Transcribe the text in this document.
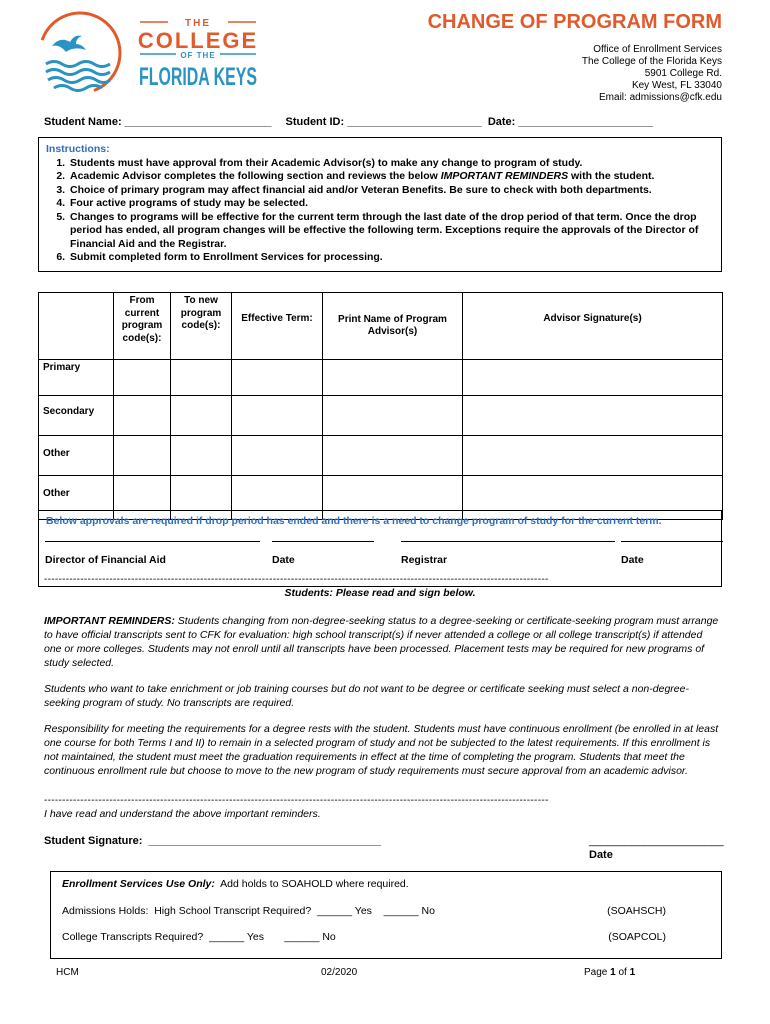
THE
COLLEGE
OF THE
FLORIDA KEYS
CHANGE OF PROGRAM FORM
Office of Enrollment Services
The College of the Florida Keys
5901 College Rd.
Key West, FL 33040
Email: admissions@cfk.edu
Student Name: ________________________ Student ID: ______________________ Date: ______________________
Instructions:
1. Students must have approval from their Academic Advisor(s) to make any change to program of study.
2. Academic Advisor completes the following section and reviews the below IMPORTANT REMINDERS with the student.
3. Choice of primary program may affect financial aid and/or Veteran Benefits. Be sure to check with both departments.
4. Four active programs of study may be selected.
5. Changes to programs will be effective for the current term through the last date of the drop period of that term. Once the drop period has ended, all program changes will be effective the following term. Exceptions require the approvals of the Director of Financial Aid and the Registrar.
6. Submit completed form to Enrollment Services for processing.
	From current program code(s):	To new program code(s):	Effective Term:	Print Name of Program Advisor(s)	Advisor Signature(s)
Primary					
Secondary					
Other					
Other					
Below approvals are required if drop period has ended and there is a need to change program of study for the current term.
Director of Financial Aid	Date	Registrar	Date
-------------------------------------------------------------------------------------------------------------------------------------------
Students: Please read and sign below.
IMPORTANT REMINDERS: Students changing from non-degree-seeking status to a degree-seeking or certificate-seeking program must arrange to have official transcripts sent to CFK for evaluation: high school transcript(s) if never attended a college or all college transcript(s) if attended one or more colleges. Students may not enroll until all transcripts have been processed. Placement tests may be required for new programs of study selected.
Students who want to take enrichment or job training courses but do not want to be degree or certificate seeking must select a non-degree-seeking program of study. No transcripts are required.
Responsibility for meeting the requirements for a degree rests with the student. Students must have continuous enrollment (be enrolled in at least one course for both Terms I and II) to remain in a selected program of study and not be subjected to the latest requirements. If this enrollment is not maintained, the student must meet the graduation requirements in effect at the time of completing the program. Students that meet the continuous enrollment rule but choose to move to the new program of study requirements must secure approval from an academic advisor.
-------------------------------------------------------------------------------------------------------------------------------------------
I have read and understand the above important reminders.
Student Signature:  ______________________________________	______________________
Date
Enrollment Services Use Only:  Add holds to SOAHOLD where required.
Admissions Holds:  High School Transcript Required?  ______ Yes    ______ No	(SOAHSCH)
College Transcripts Required?  ______ Yes       ______ No	(SOAPCOL)
HCM	02/2020	Page 1 of 1
